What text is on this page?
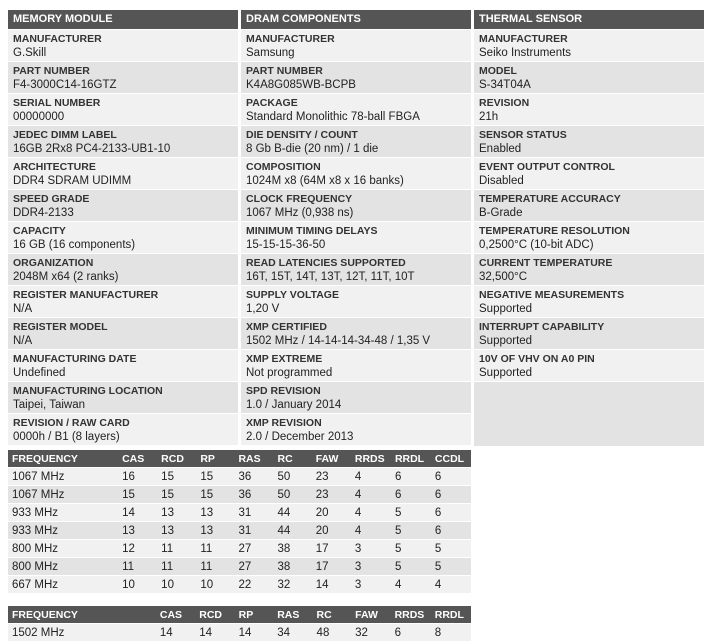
MEMORY MODULE
MANUFACTURER
G.Skill
PART NUMBER
F4-3000C14-16GTZ
SERIAL NUMBER
00000000
JEDEC DIMM LABEL
16GB 2Rx8 PC4-2133-UB1-10
ARCHITECTURE
DDR4 SDRAM UDIMM
SPEED GRADE
DDR4-2133
CAPACITY
16 GB (16 components)
ORGANIZATION
2048M x64 (2 ranks)
REGISTER MANUFACTURER
N/A
REGISTER MODEL
N/A
MANUFACTURING DATE
Undefined
MANUFACTURING LOCATION
Taipei, Taiwan
REVISION / RAW CARD
0000h / B1 (8 layers)
DRAM COMPONENTS
MANUFACTURER
Samsung
PART NUMBER
K4A8G085WB-BCPB
PACKAGE
Standard Monolithic 78-ball FBGA
DIE DENSITY / COUNT
8 Gb B-die (20 nm) / 1 die
COMPOSITION
1024M x8 (64M x8 x 16 banks)
CLOCK FREQUENCY
1067 MHz (0,938 ns)
MINIMUM TIMING DELAYS
15-15-15-36-50
READ LATENCIES SUPPORTED
16T, 15T, 14T, 13T, 12T, 11T, 10T
SUPPLY VOLTAGE
1,20 V
XMP CERTIFIED
1502 MHz / 14-14-14-34-48 / 1,35 V
XMP EXTREME
Not programmed
SPD REVISION
1.0 / January 2014
XMP REVISION
2.0 / December 2013
THERMAL SENSOR
MANUFACTURER
Seiko Instruments
MODEL
S-34T04A
REVISION
21h
SENSOR STATUS
Enabled
EVENT OUTPUT CONTROL
Disabled
TEMPERATURE ACCURACY
B-Grade
TEMPERATURE RESOLUTION
0,2500°C (10-bit ADC)
CURRENT TEMPERATURE
32,500°C
NEGATIVE MEASUREMENTS
Supported
INTERRUPT CAPABILITY
Supported
10V OF VHV ON A0 PIN
Supported
FREQUENCY	CAS	RCD	RP	RAS	RC	FAW	RRDS	RRDL	CCDL
1067 MHz	16	15	15	36	50	23	4	6	6
1067 MHz	15	15	15	36	50	23	4	6	6
933 MHz	14	13	13	31	44	20	4	5	6
933 MHz	13	13	13	31	44	20	4	5	6
800 MHz	12	11	11	27	38	17	3	5	5
800 MHz	11	11	11	27	38	17	3	5	5
667 MHz	10	10	10	22	32	14	3	4	4
FREQUENCY		CAS	RCD	RP	RAS	RC	FAW	RRDS	RRDL
1502 MHz		14	14	14	34	48	32	6	8
